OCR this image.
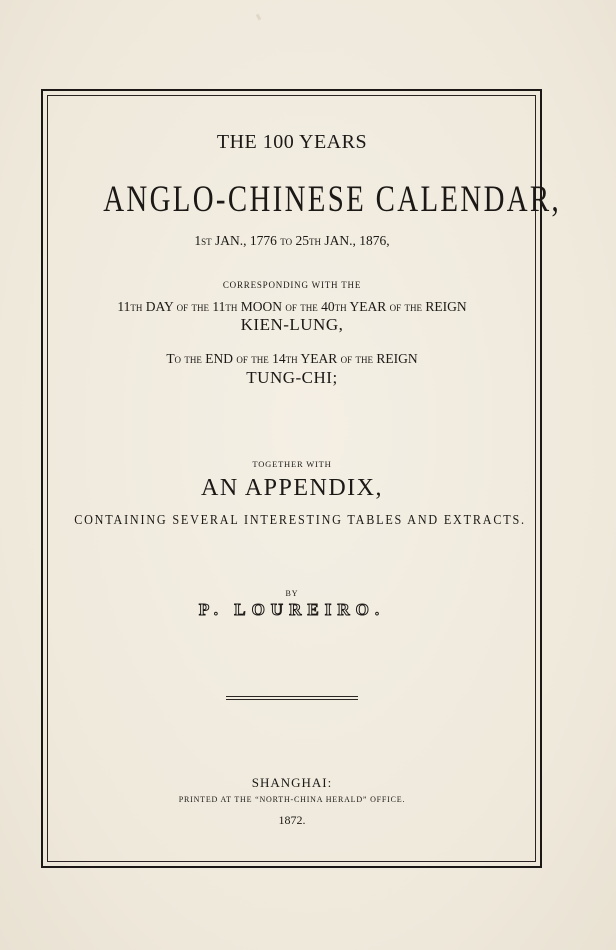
THE 100 YEARS
ANGLO-CHINESE CALENDAR,
1st JAN., 1776 to 25th JAN., 1876,
CORRESPONDING WITH THE
11th DAY of the 11th MOON of the 40th YEAR of the REIGN
KIEN-LUNG,
To the END of the 14th YEAR of the REIGN
TUNG-CHI;
TOGETHER WITH
AN APPENDIX,
CONTAINING SEVERAL INTERESTING TABLES AND EXTRACTS.
BY
P. LOUREIRO.
SHANGHAI:
PRINTED AT THE “NORTH-CHINA HERALD” OFFICE.
1872.
